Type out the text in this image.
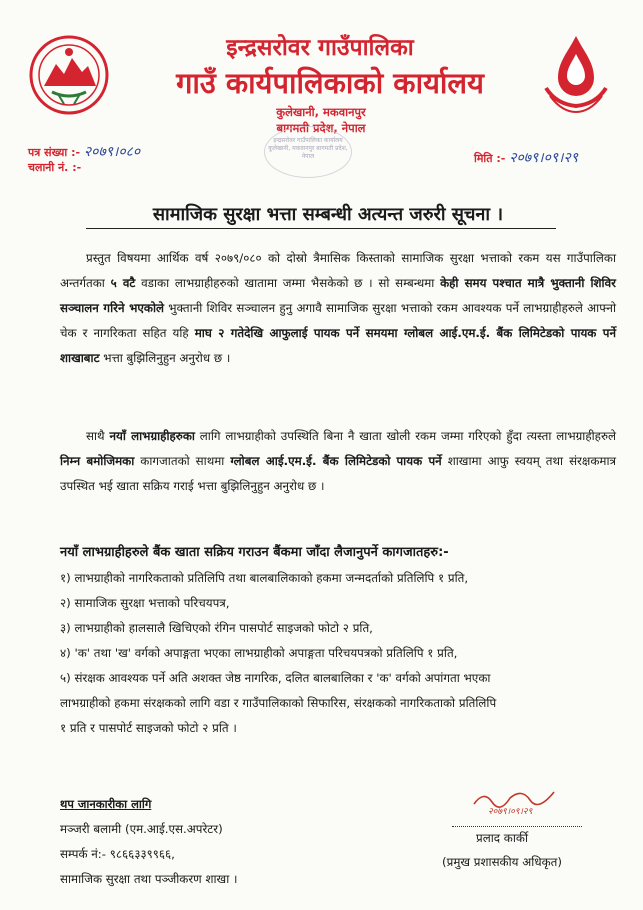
इन्द्रसरोवर गाउँपालिका
गाउँ कार्यपालिकाको कार्यालय
कुलेखानी, मकवानपुर
बागमती प्रदेश, नेपाल
इन्द्रसरोवर गाउँपालिका कार्यालय कुलेखानी, मकवानपुर बागमती प्रदेश, नेपाल
पत्र संख्या :- २०७९।०८०
चलानी नं. :-
मिति :- २०७९।०९।२९
सामाजिक सुरक्षा भत्ता सम्बन्धी अत्यन्त जरुरी सूचना ।
प्रस्तुत विषयमा आर्थिक वर्ष २०७९/०८० को दोस्रो त्रैमासिक किस्ताको सामाजिक सुरक्षा भत्ताको रकम यस गाउँपालिका अन्तर्गतका ५ वटै वडाका लाभग्राहीहरुको खातामा जम्मा भैसकेको छ । सो सम्बन्धमा केही समय पश्चात मात्रै भुक्तानी शिविर सञ्चालन गरिने भएकोले भुक्तानी शिविर सञ्चालन हुनु अगावै सामाजिक सुरक्षा भत्ताको रकम आवश्यक पर्ने लाभग्राहीहरुले आफ्नो चेक र नागरिकता सहित यहि माघ २ गतेदेखि आफुलाई पायक पर्ने समयमा ग्लोबल आई.एम.ई. बैंक लिमिटेडको पायक पर्ने शाखाबाट भत्ता बुझिलिनुहुन अनुरोध छ ।
साथै नयाँ लाभग्राहीहरुका लागि लाभग्राहीको उपस्थिति बिना नै खाता खोली रकम जम्मा गरिएको हुँदा त्यस्ता लाभग्राहीहरुले निम्न बमोजिमका कागजातको साथमा ग्लोबल आई.एम.ई. बैंक लिमिटेडको पायक पर्ने शाखामा आफु स्वयम् तथा संरक्षकमात्र उपस्थित भई खाता सक्रिय गराई भत्ता बुझिलिनुहुन अनुरोध छ ।
नयाँ लाभग्राहीहरुले बैंक खाता सक्रिय गराउन बैंकमा जाँदा लैजानुपर्ने कागजातहरु:-
१) लाभग्राहीको नागरिकताको प्रतिलिपि तथा बालबालिकाको हकमा जन्मदर्ताको प्रतिलिपि १ प्रति,
२) सामाजिक सुरक्षा भत्ताको परिचयपत्र,
३) लाभग्राहीको हालसालै खिचिएको रंगिन पासपोर्ट साइजको फोटो २ प्रति,
४) 'क' तथा 'ख' वर्गको अपाङ्गता भएका लाभग्राहीको अपाङ्गता परिचयपत्रको प्रतिलिपि १ प्रति,
५) संरक्षक आवश्यक पर्ने अति अशक्त जेष्ठ नागरिक, दलित बालबालिका र 'क' वर्गको अपांगता भएका
लाभग्राहीको हकमा संरक्षकको लागि वडा र गाउँपालिकाको सिफारिस, संरक्षकको नागरिकताको प्रतिलिपि
१ प्रति र पासपोर्ट साइजको फोटो २ प्रति ।
थप जानकारीका लागि
मञ्जरी बलामी (एम.आई.एस.अपरेटर)
सम्पर्क नं:- ९८६६३३९९६६,
सामाजिक सुरक्षा तथा पञ्जीकरण शाखा ।
२०७९।०९।२९
प्रलाद कार्की
(प्रमुख प्रशासकीय अधिकृत)
